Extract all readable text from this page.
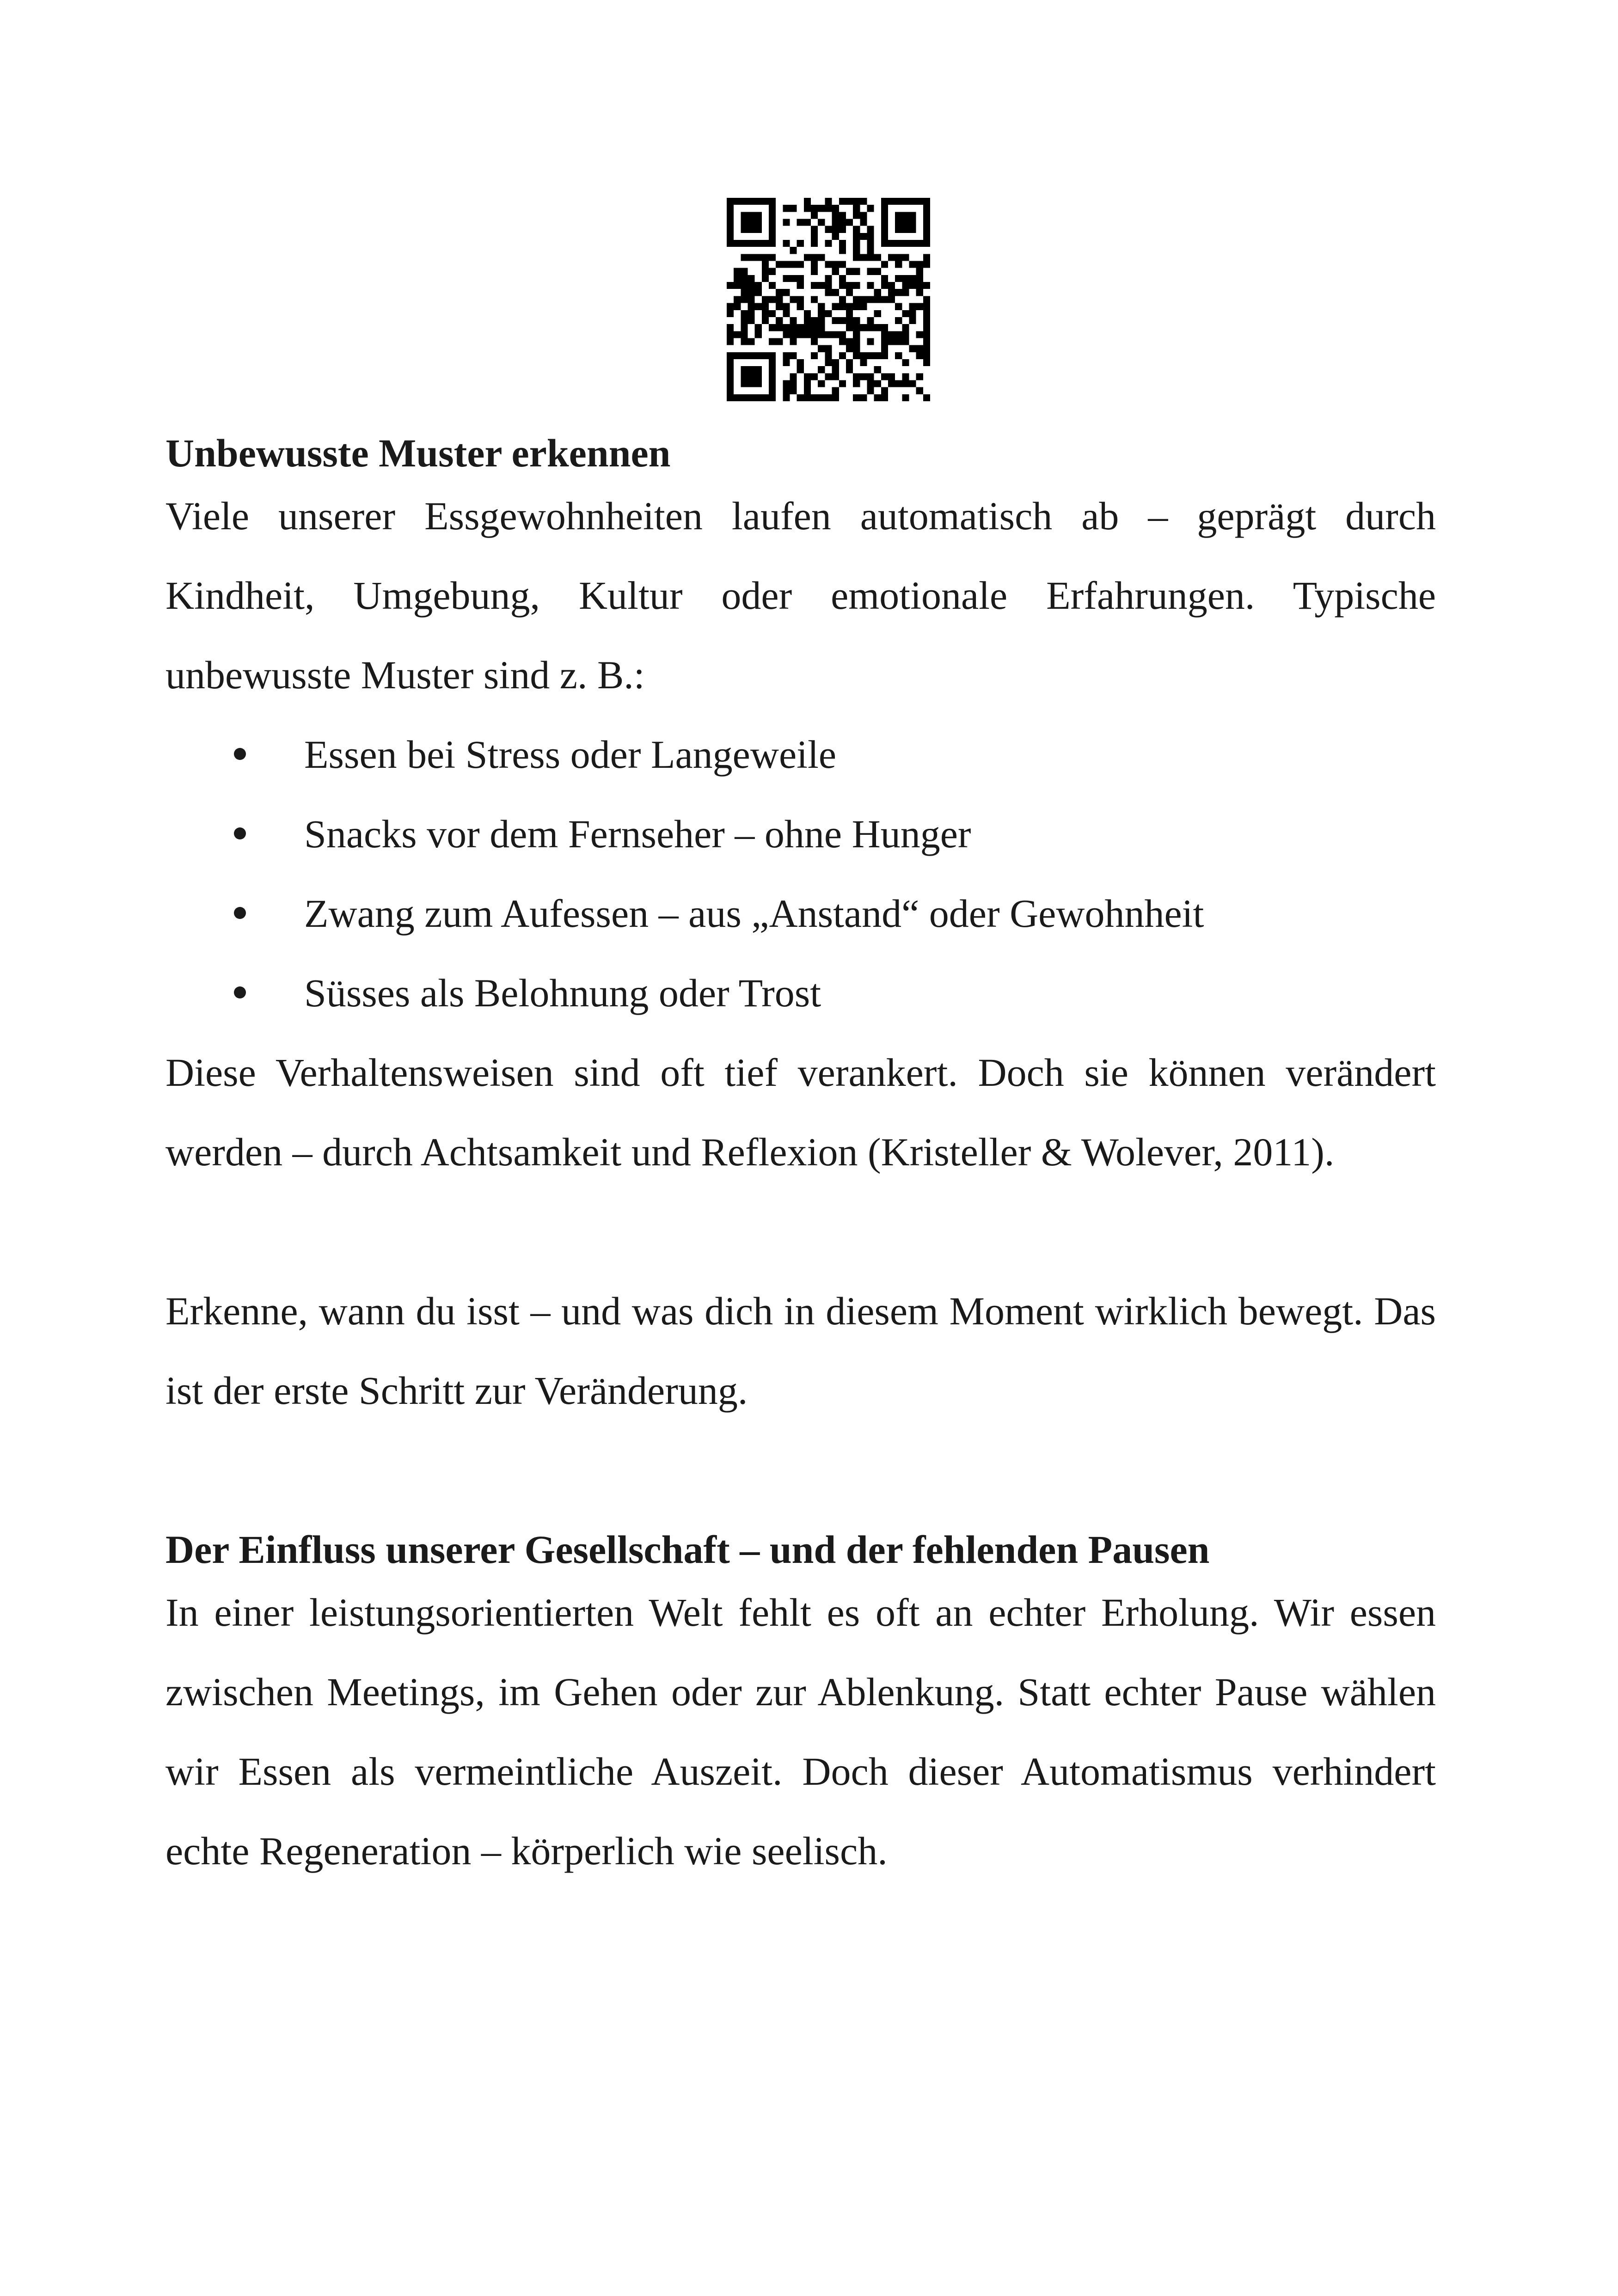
Unbewusste Muster erkennen

Viele unserer Essgewohnheiten laufen automatisch ab – geprägt durch Kindheit, Umgebung, Kultur oder emotionale Erfahrungen. Typische unbewusste Muster sind z. B.:

Essen bei Stress oder Langeweile
Snacks vor dem Fernseher – ohne Hunger
Zwang zum Aufessen – aus „Anstand“ oder Gewohnheit
Süsses als Belohnung oder Trost

Diese Verhaltensweisen sind oft tief verankert. Doch sie können verändert werden – durch Achtsamkeit und Reflexion (Kristeller & Wolever, 2011).

Erkenne, wann du isst – und was dich in diesem Moment wirklich bewegt. Das ist der erste Schritt zur Veränderung.

Der Einfluss unserer Gesellschaft – und der fehlenden Pausen

In einer leistungsorientierten Welt fehlt es oft an echter Erholung. Wir essen zwischen Meetings, im Gehen oder zur Ablenkung. Statt echter Pause wählen wir Essen als vermeintliche Auszeit. Doch dieser Automatismus verhindert echte Regeneration – körperlich wie seelisch.
